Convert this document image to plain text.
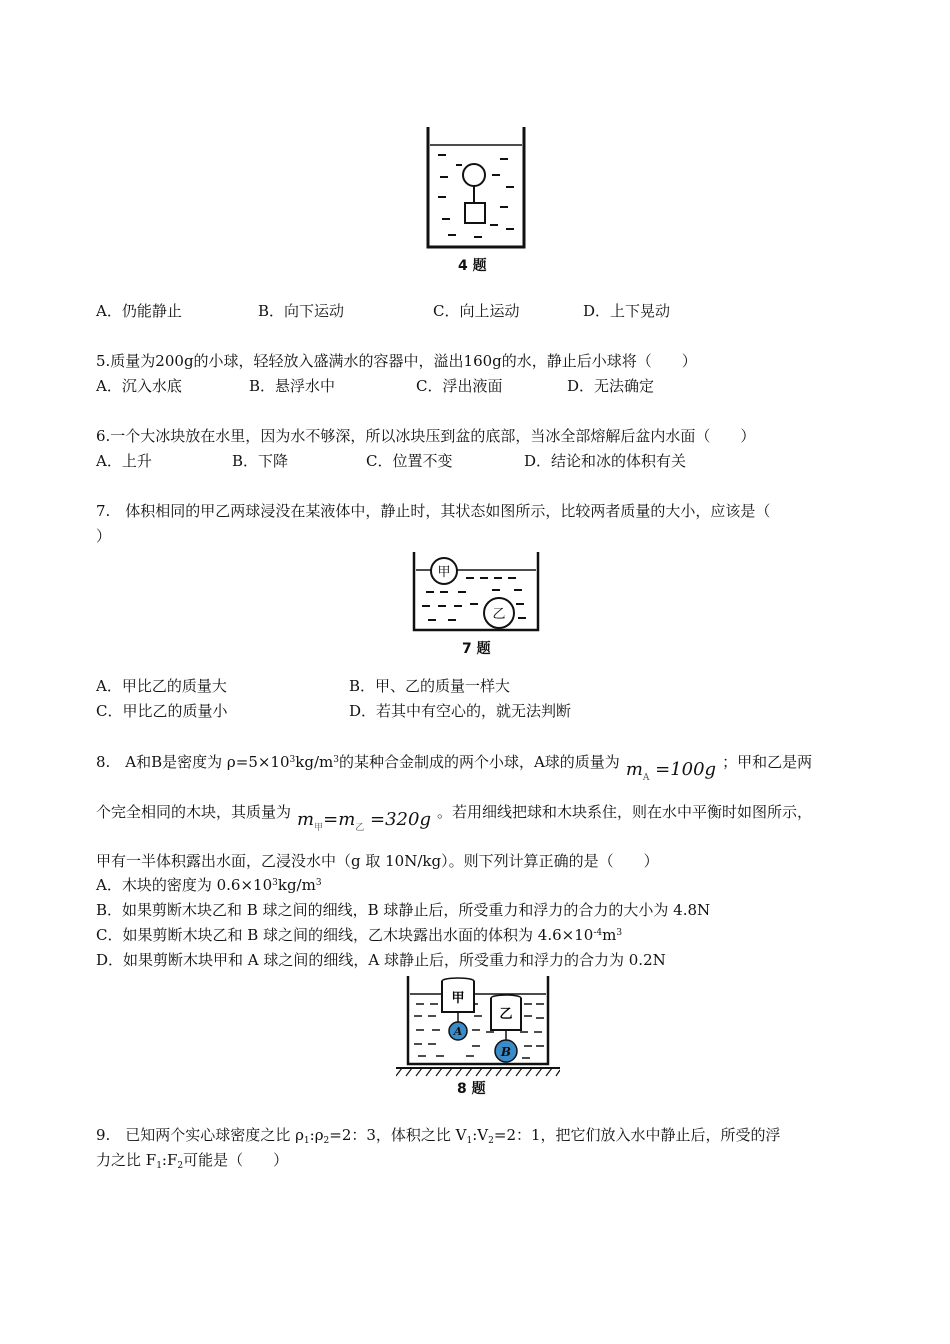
4 题
A．仍能静止	B．向下运动	C．向上运动	D．上下晃动
5.质量为200g的小球，轻轻放入盛满水的容器中，溢出160g的水，静止后小球将（　　）
A．沉入水底	B．悬浮水中	C．浮出液面	D．无法确定
6.一个大冰块放在水里，因为水不够深，所以冰块压到盆的底部，当冰全部熔解后盆内水面（　　）
A．上升	B．下降	C．位置不变	D．结论和冰的体积有关
7.　体积相同的甲乙两球浸没在某液体中，静止时，其状态如图所示，比较两者质量的大小，应该是（
）
甲
乙
7 题
A．甲比乙的质量大	B．甲、乙的质量一样大
C．甲比乙的质量小	D．若其中有空心的，就无法判断
8.　A和B是密度为 $\rho=5\times 10^3kg/m^3$的某种合金制成的两个小球，A球的质量为 $m_A =100g$ ；甲和乙是两
个完全相同的木块，其质量为 $m_甲=m_乙 =320g$ 。若用细线把球和木块系住，则在水中平衡时如图所示，
甲有一半体积露出水面，乙浸没水中（g 取 10N/kg）。则下列计算正确的是（　　）
A．木块的密度为 $0.6\times 10^3kg/m^3$
B．如果剪断木块乙和 B 球之间的细线，B 球静止后，所受重力和浮力的合力的大小为 4.8N
C．如果剪断木块乙和 B 球之间的细线，乙木块露出水面的体积为 $4.6\times 10^{-4}m^3$
D．如果剪断木块甲和 A 球之间的细线，A 球静止后，所受重力和浮力的合力为 0.2N
甲
A
乙
B
8 题
9.　已知两个实心球密度之比 $\rho_1:\rho_2=2$：3，体积之比 $V_1:V_2=2$：1，把它们放入水中静止后，所受的浮
力之比 $F_1:F_2$可能是（　　）
